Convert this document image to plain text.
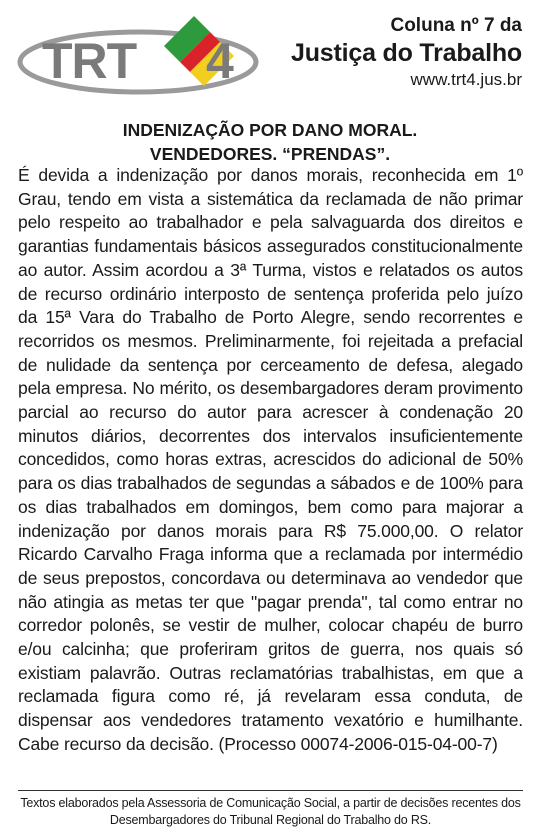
TRT 4
Coluna nº 7 da
Justiça do Trabalho
www.trt4.jus.br
INDENIZAÇÃO POR DANO MORAL.
VENDEDORES. “PRENDAS”.
É devida a indenização por danos morais, reconhecida em 1º Grau, tendo em vista a sistemática da reclamada de não primar pelo respeito ao trabalhador e pela salvaguarda dos direitos e garantias fundamentais básicos assegurados constitucionalmente ao autor. Assim acordou a 3ª Turma, vistos e relatados os autos de recurso ordinário interposto de sentença proferida pelo juízo da 15ª Vara do Trabalho de Porto Alegre, sendo recorrentes e recorridos os mesmos. Preliminarmente, foi rejeitada a prefacial de nulidade da sentença por cerceamento de defesa, alegado pela empresa. No mérito, os desembargadores deram provimento parcial ao recurso do autor para acrescer à condenação 20 minutos diários, decorrentes dos intervalos insuficientemente concedidos, como horas extras, acrescidos do adicional de 50% para os dias trabalhados de segundas a sábados e de 100% para os dias trabalhados em domingos, bem como para majorar a indenização por danos morais para R$ 75.000,00. O relator Ricardo Carvalho Fraga informa que a reclamada por intermédio de seus prepostos, concordava ou determinava ao vendedor que não atingia as metas ter que "pagar prenda", tal como entrar no corredor polonês, se vestir de mulher, colocar chapéu de burro e/ou calcinha; que proferiram gritos de guerra, nos quais só existiam palavrão. Outras reclamatórias trabalhistas, em que a reclamada figura como ré, já revelaram essa conduta, de dispensar aos vendedores tratamento vexatório e humilhante. Cabe recurso da decisão. (Processo 00074-2006-015-04-00-7)
Textos elaborados pela Assessoria de Comunicação Social, a partir de decisões recentes dos Desembargadores do Tribunal Regional do Trabalho do RS.
